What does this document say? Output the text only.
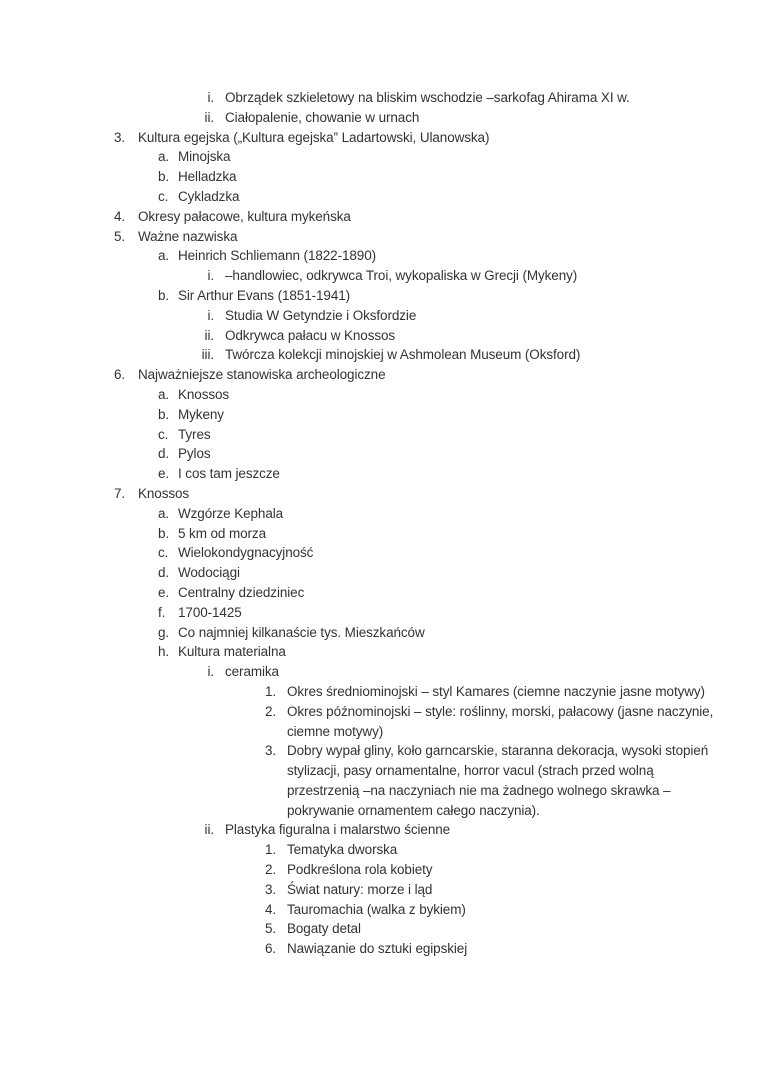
i. Obrządek szkieletowy na bliskim wschodzie –sarkofag Ahirama XI w.
ii. Ciałopalenie, chowanie w urnach
3. Kultura egejska („Kultura egejska” Ladartowski, Ulanowska)
a. Minojska
b. Helladzka
c. Cykladzka
4. Okresy pałacowe, kultura mykeńska
5. Ważne nazwiska
a. Heinrich Schliemann (1822-1890)
i. –handlowiec, odkrywca Troi, wykopaliska w Grecji (Mykeny)
b. Sir Arthur Evans (1851-1941)
i. Studia W Getyndzie i Oksfordzie
ii. Odkrywca pałacu w Knossos
iii. Twórcza kolekcji minojskiej w Ashmolean Museum (Oksford)
6. Najważniejsze stanowiska archeologiczne
a. Knossos
b. Mykeny
c. Tyres
d. Pylos
e. I cos tam jeszcze
7. Knossos
a. Wzgórze Kephala
b. 5 km od morza
c. Wielokondygnacyjność
d. Wodociągi
e. Centralny dziedziniec
f. 1700-1425
g. Co najmniej kilkanaście tys. Mieszkańców
h. Kultura materialna
i. ceramika
1. Okres średniominojski – styl Kamares (ciemne naczynie jasne motywy)
2. Okres późnominojski – style: roślinny, morski, pałacowy (jasne naczynie, ciemne motywy)
3. Dobry wypał gliny, koło garncarskie, staranna dekoracja, wysoki stopień stylizacji, pasy ornamentalne, horror vacul (strach przed wolną przestrzenią –na naczyniach nie ma żadnego wolnego skrawka – pokrywanie ornamentem całego naczynia).
ii. Plastyka figuralna i malarstwo ścienne
1. Tematyka dworska
2. Podkreślona rola kobiety
3. Świat natury: morze i ląd
4. Tauromachia (walka z bykiem)
5. Bogaty detal
6. Nawiązanie do sztuki egipskiej
